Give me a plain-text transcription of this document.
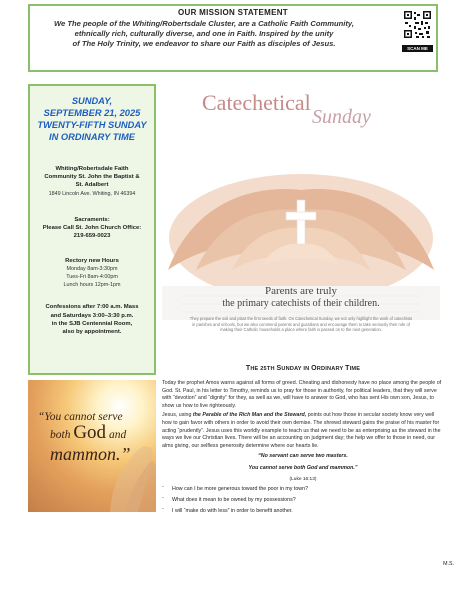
OUR MISSION STATEMENT

We The people of the Whiting/Robertsdale Cluster, are a Catholic Faith Community,
ethnically rich, culturally diverse, and one in Faith. Inspired by the unity
of The Holy Trinity, we endeavor to share our Faith as disciples of Jesus.

SCAN ME
SUNDAY,
SEPTEMBER 21, 2025
TWENTY-FIFTH SUNDAY
IN ORDINARY TIME
Whiting/Robertsdale Faith
Community St. John the Baptist &
St. Adalbert
1849 Lincoln Ave. Whiting, IN 46394
Sacraments:
Please Call St. John Church Office:
219-659-0023
Rectory new Hours
Monday 8am-3:30pm
Tues-Fri 8am-4:00pm
Lunch hours 12pm-1pm
Confessions after 7:00 a.m. Mass
and Saturdays 3:00–3:30 p.m.
in the SJB Centennial Room,
also by appointment.
“You cannot serve
both God and
mammon.”
Catechetical
Sunday
Parents are truly
the primary catechists of their children.
They prepare the soil and plant the first seeds of faith. On Catechetical Sunday, we not only highlight the work of catechists in parishes and schools, but we also commend parents and guardians and encourage them to take seriously their role of making their Catholic households a place where faith is passed on to the next generation.
THE 25TH SUNDAY IN ORDINARY TIME

Today the prophet Amos warns against all forms of greed. Cheating and dishonesty have no place among the people of God. St. Paul, in his letter to Timothy, reminds us to pray for those in authority, for political leaders, that they will serve with “devotion” and “dignity” for they, as well as we, will have to answer to God, who has sent His own son, Jesus, to show us how to live righteously.

Jesus, using the Parable of the Rich Man and the Steward, points out how those in secular society know very well how to gain favor with others in order to avoid their own demise. The shrewd steward gains the praise of his master for acting “prudently”. Jesus uses this worldly example to teach us that we need to be as enterprising as the steward in the ways we live our Christian lives. There will be an accounting on judgment day; the help we offer to those in need, our alms giving, our selfless generosity determine where our hearts lie.

“No servant can serve two masters.
You cannot serve both God and mammon.”
(Luke 16:13)
- How can I be more generous toward the poor in my town?
- What does it mean to be owned by my possessions?
- I will “make do with less” in order to benefit another.
M.S.
